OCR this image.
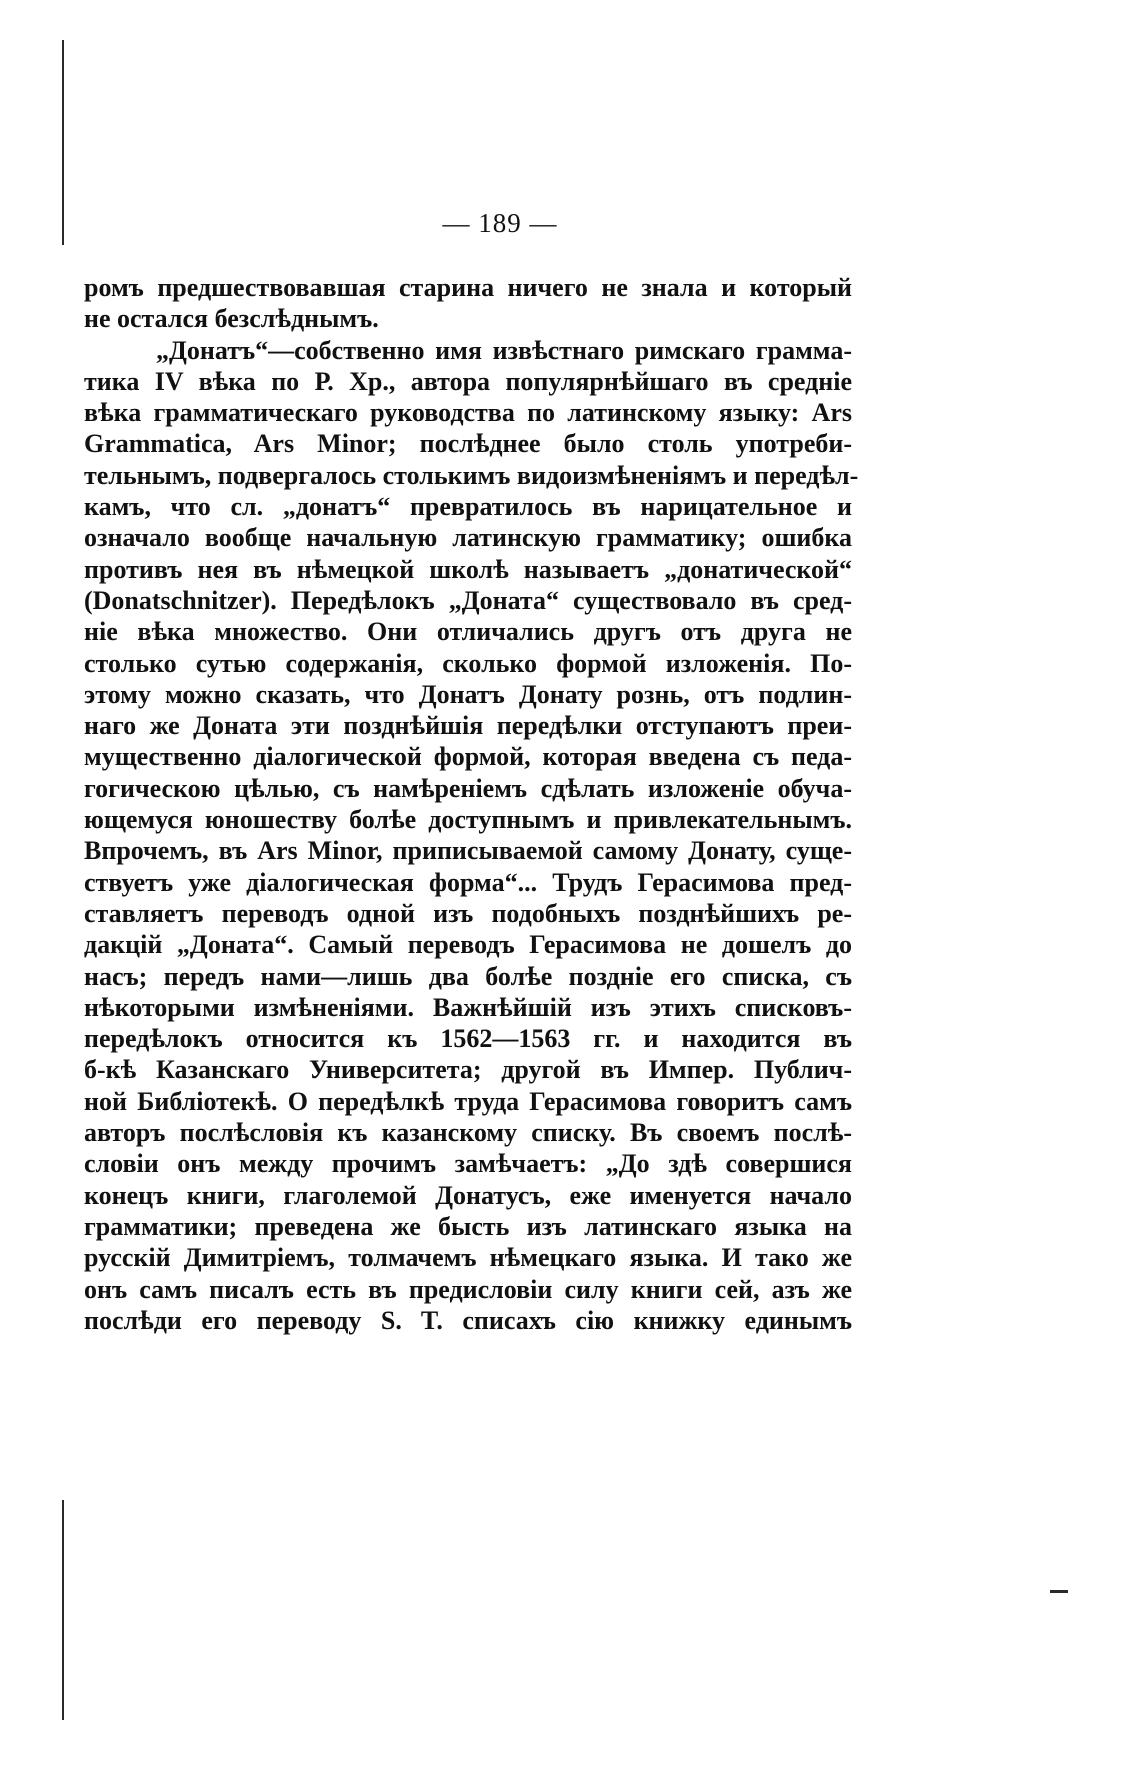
— 189 —
ромъ предшествовавшая старина ничего не знала и который
не остался безслѣднымъ.
„Донатъ“—собственно имя извѣстнаго римскаго грамма-
тика IV вѣка по Р. Хр., автора популярнѣйшаго въ средніе
вѣка грамматическаго руководства по латинскому языку: Ars
Grammatica, Ars Minor; послѣднее было столь употреби-
тельнымъ, подвергалось столькимъ видоизмѣненіямъ и передѣл-
камъ, что сл. „донатъ“ превратилось въ нарицательное и
означало вообще начальную латинскую грамматику; ошибка
противъ нея въ нѣмецкой школѣ называетъ „донатической“
(Donatschnitzer). Передѣлокъ „Доната“ существовало въ сред-
ніе вѣка множество. Они отличались другъ отъ друга не
столько сутью содержанія, сколько формой изложенія. По-
этому можно сказать, что Донатъ Донату рознь, отъ подлин-
наго же Доната эти позднѣйшія передѣлки отступаютъ преи-
мущественно діалогической формой, которая введена съ педа-
гогическою цѣлью, съ намѣреніемъ сдѣлать изложеніе обуча-
ющемуся юношеству болѣе доступнымъ и привлекательнымъ.
Впрочемъ, въ Ars Minor, приписываемой самому Донату, суще-
ствуетъ уже діалогическая форма“... Трудъ Герасимова пред-
ставляетъ переводъ одной изъ подобныхъ позднѣйшихъ ре-
дакцій „Доната“. Самый переводъ Герасимова не дошелъ до
насъ; передъ нами—лишь два болѣе поздніе его списка, съ
нѣкоторыми измѣненіями. Важнѣйшій изъ этихъ списковъ-
передѣлокъ относится къ 1562—1563 гг. и находится въ
б-кѣ Казанскаго Университета; другой въ Импер. Публич-
ной Библіотекѣ. О передѣлкѣ труда Герасимова говоритъ самъ
авторъ послѣсловія къ казанскому списку. Въ своемъ послѣ-
словіи онъ между прочимъ замѣчаетъ: „До здѣ совершися
конецъ книги, глаголемой Донатусъ, еже именуется начало
грамматики; преведена же бысть изъ латинскаго языка на
русскій Димитріемъ, толмачемъ нѣмецкаго языка. И тако же
онъ самъ писалъ есть въ предисловіи силу книги сей, азъ же
послѣди его переводу S. T. списахъ сію книжку единымъ
